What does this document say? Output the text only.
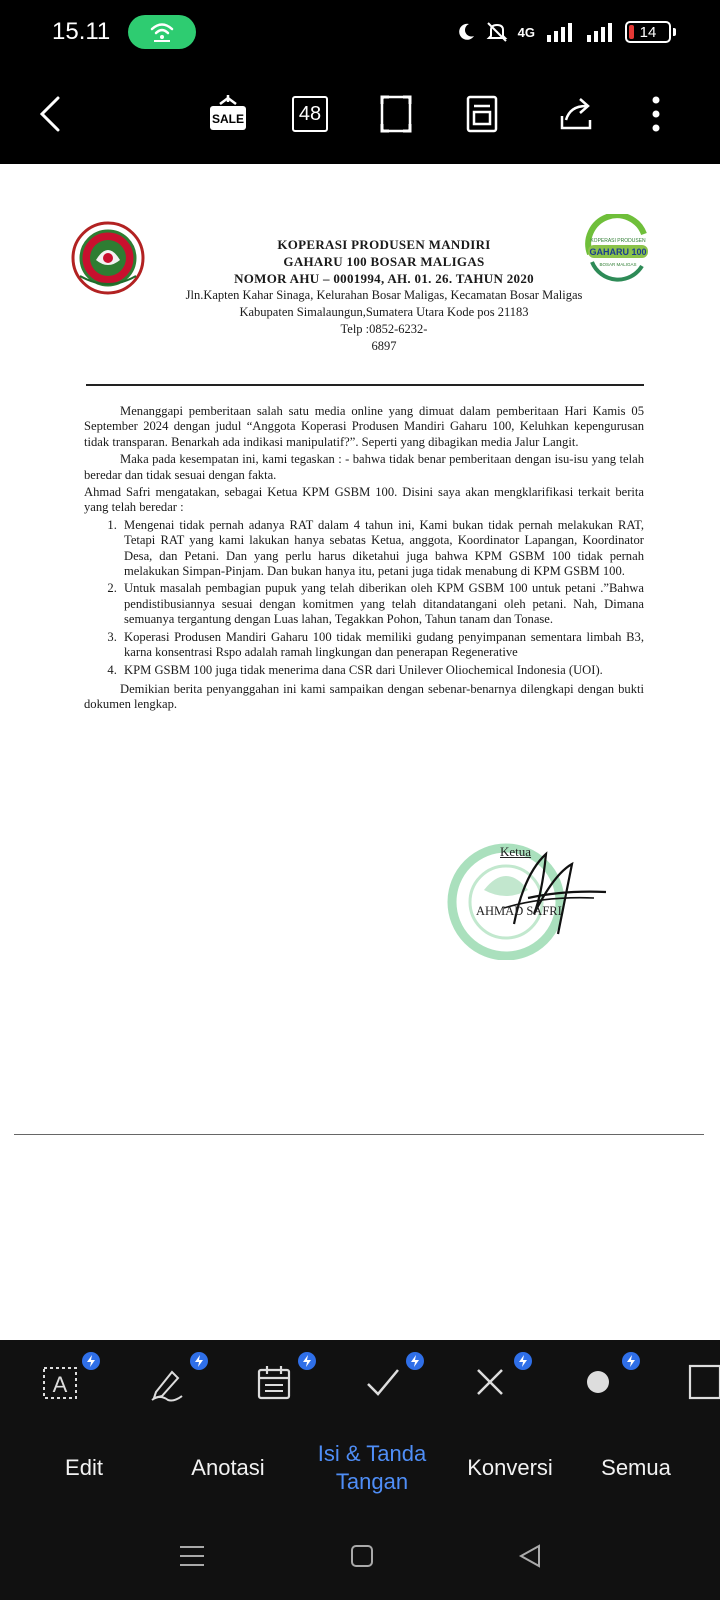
15.11	4G	14
SALE	48
KOPERASI PRODUSEN MANDIRI
GAHARU 100 BOSAR MALIGAS
NOMOR AHU – 0001994, AH. 01. 26. TAHUN 2020
Jln.Kapten Kahar Sinaga, Kelurahan Bosar Maligas, Kecamatan Bosar Maligas
Kabupaten Simalaungun,Sumatera Utara Kode pos 21183
Telp :0852-6232-
6897
KOPERASI PRODUSEN
GAHARU 100
BOSAR MALIGAS

Menanggapi pemberitaan salah satu media online yang dimuat dalam pemberitaan Hari Kamis 05 September 2024 dengan judul “Anggota Koperasi Produsen Mandiri Gaharu 100, Keluhkan kepengurusan tidak transparan. Benarkah ada indikasi manipulatif?”. Seperti yang dibagikan media Jalur Langit.

Maka pada kesempatan ini, kami tegaskan : - bahwa tidak benar pemberitaan dengan isu-isu yang telah beredar dan tidak sesuai dengan fakta.

Ahmad Safri mengatakan, sebagai Ketua KPM GSBM 100. Disini saya akan mengklarifikasi terkait berita yang telah beredar :

1. Mengenai tidak pernah adanya RAT dalam 4 tahun ini, Kami bukan tidak pernah melakukan RAT, Tetapi RAT yang kami lakukan hanya sebatas Ketua, anggota, Koordinator Lapangan, Koordinator Desa, dan Petani. Dan yang perlu harus diketahui juga bahwa KPM GSBM 100 tidak pernah melakukan Simpan-Pinjam. Dan bukan hanya itu, petani juga tidak menabung di KPM GSBM 100.
2. Untuk masalah pembagian pupuk yang telah diberikan oleh KPM GSBM 100 untuk petani .”Bahwa pendistibusiannya sesuai dengan komitmen yang telah ditandatangani oleh petani. Nah, Dimana semuanya tergantung dengan Luas lahan, Tegakkan Pohon, Tahun tanam dan Tonase.
3. Koperasi Produsen Mandiri Gaharu 100 tidak memiliki gudang penyimpanan sementara limbah B3, karna konsentrasi Rspo adalah ramah lingkungan dan penerapan Regenerative
4. KPM GSBM 100 juga tidak menerima dana CSR dari Unilever Oliochemical Indonesia (UOI).

Demikian berita penyanggahan ini kami sampaikan dengan sebenar-benarnya dilengkapi dengan bukti dokumen lengkap.

Ketua
AHMAD SAFRI
A
Edit	Anotasi
Isi & Tanda
Tangan
Konversi	Semua
